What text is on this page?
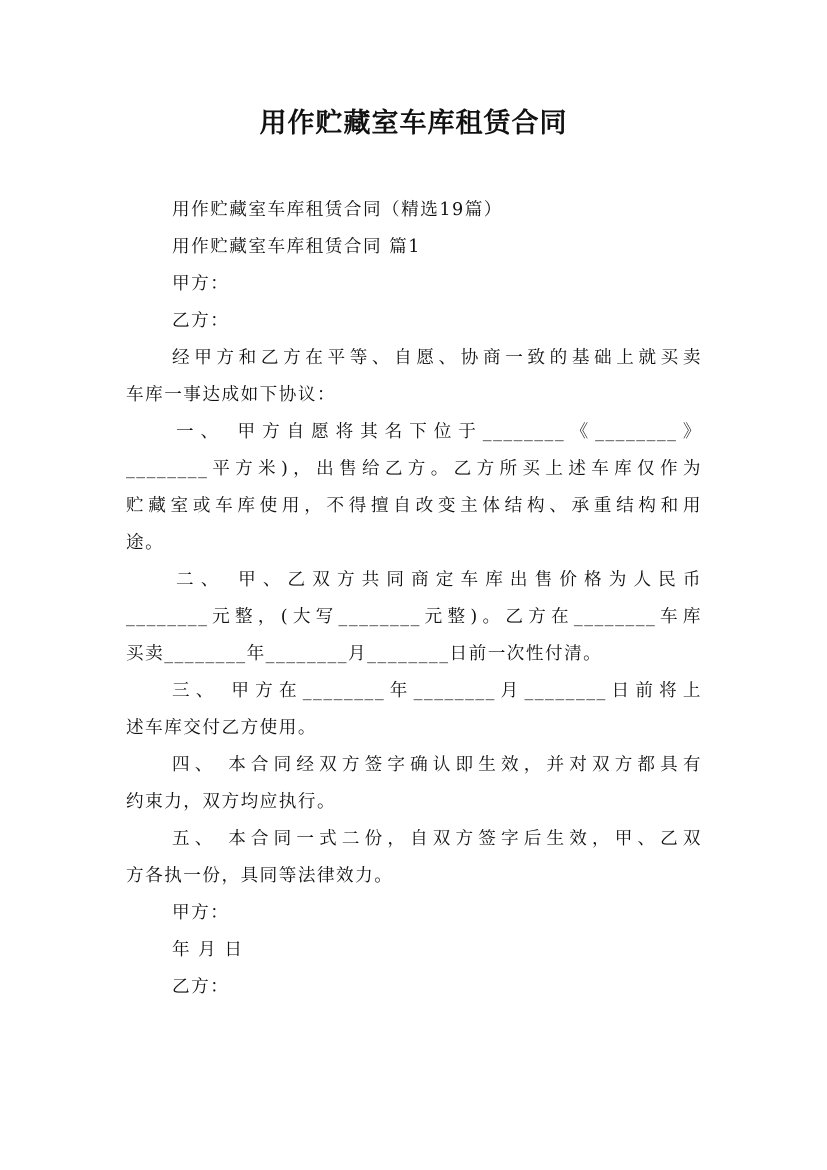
用作贮藏室车库租赁合同
用作贮藏室车库租赁合同（精选19篇）
用作贮藏室车库租赁合同 篇1
甲方：
乙方：
经甲方和乙方在平等、自愿、协商一致的基础上就买卖
车库一事达成如下协议：
一、 甲方自愿将其名下位于________《________》
________平方米)，出售给乙方。乙方所买上述车库仅作为
贮藏室或车库使用，不得擅自改变主体结构、承重结构和用
途。
二、 甲、乙双方共同商定车库出售价格为人民币
________元整，(大写________元整)。乙方在________车库
买卖________年________月________日前一次性付清。
三、 甲方在________年________月________日前将上
述车库交付乙方使用。
四、 本合同经双方签字确认即生效，并对双方都具有
约束力，双方均应执行。
五、 本合同一式二份，自双方签字后生效，甲、乙双
方各执一份，具同等法律效力。
甲方：
年 月 日
乙方：
